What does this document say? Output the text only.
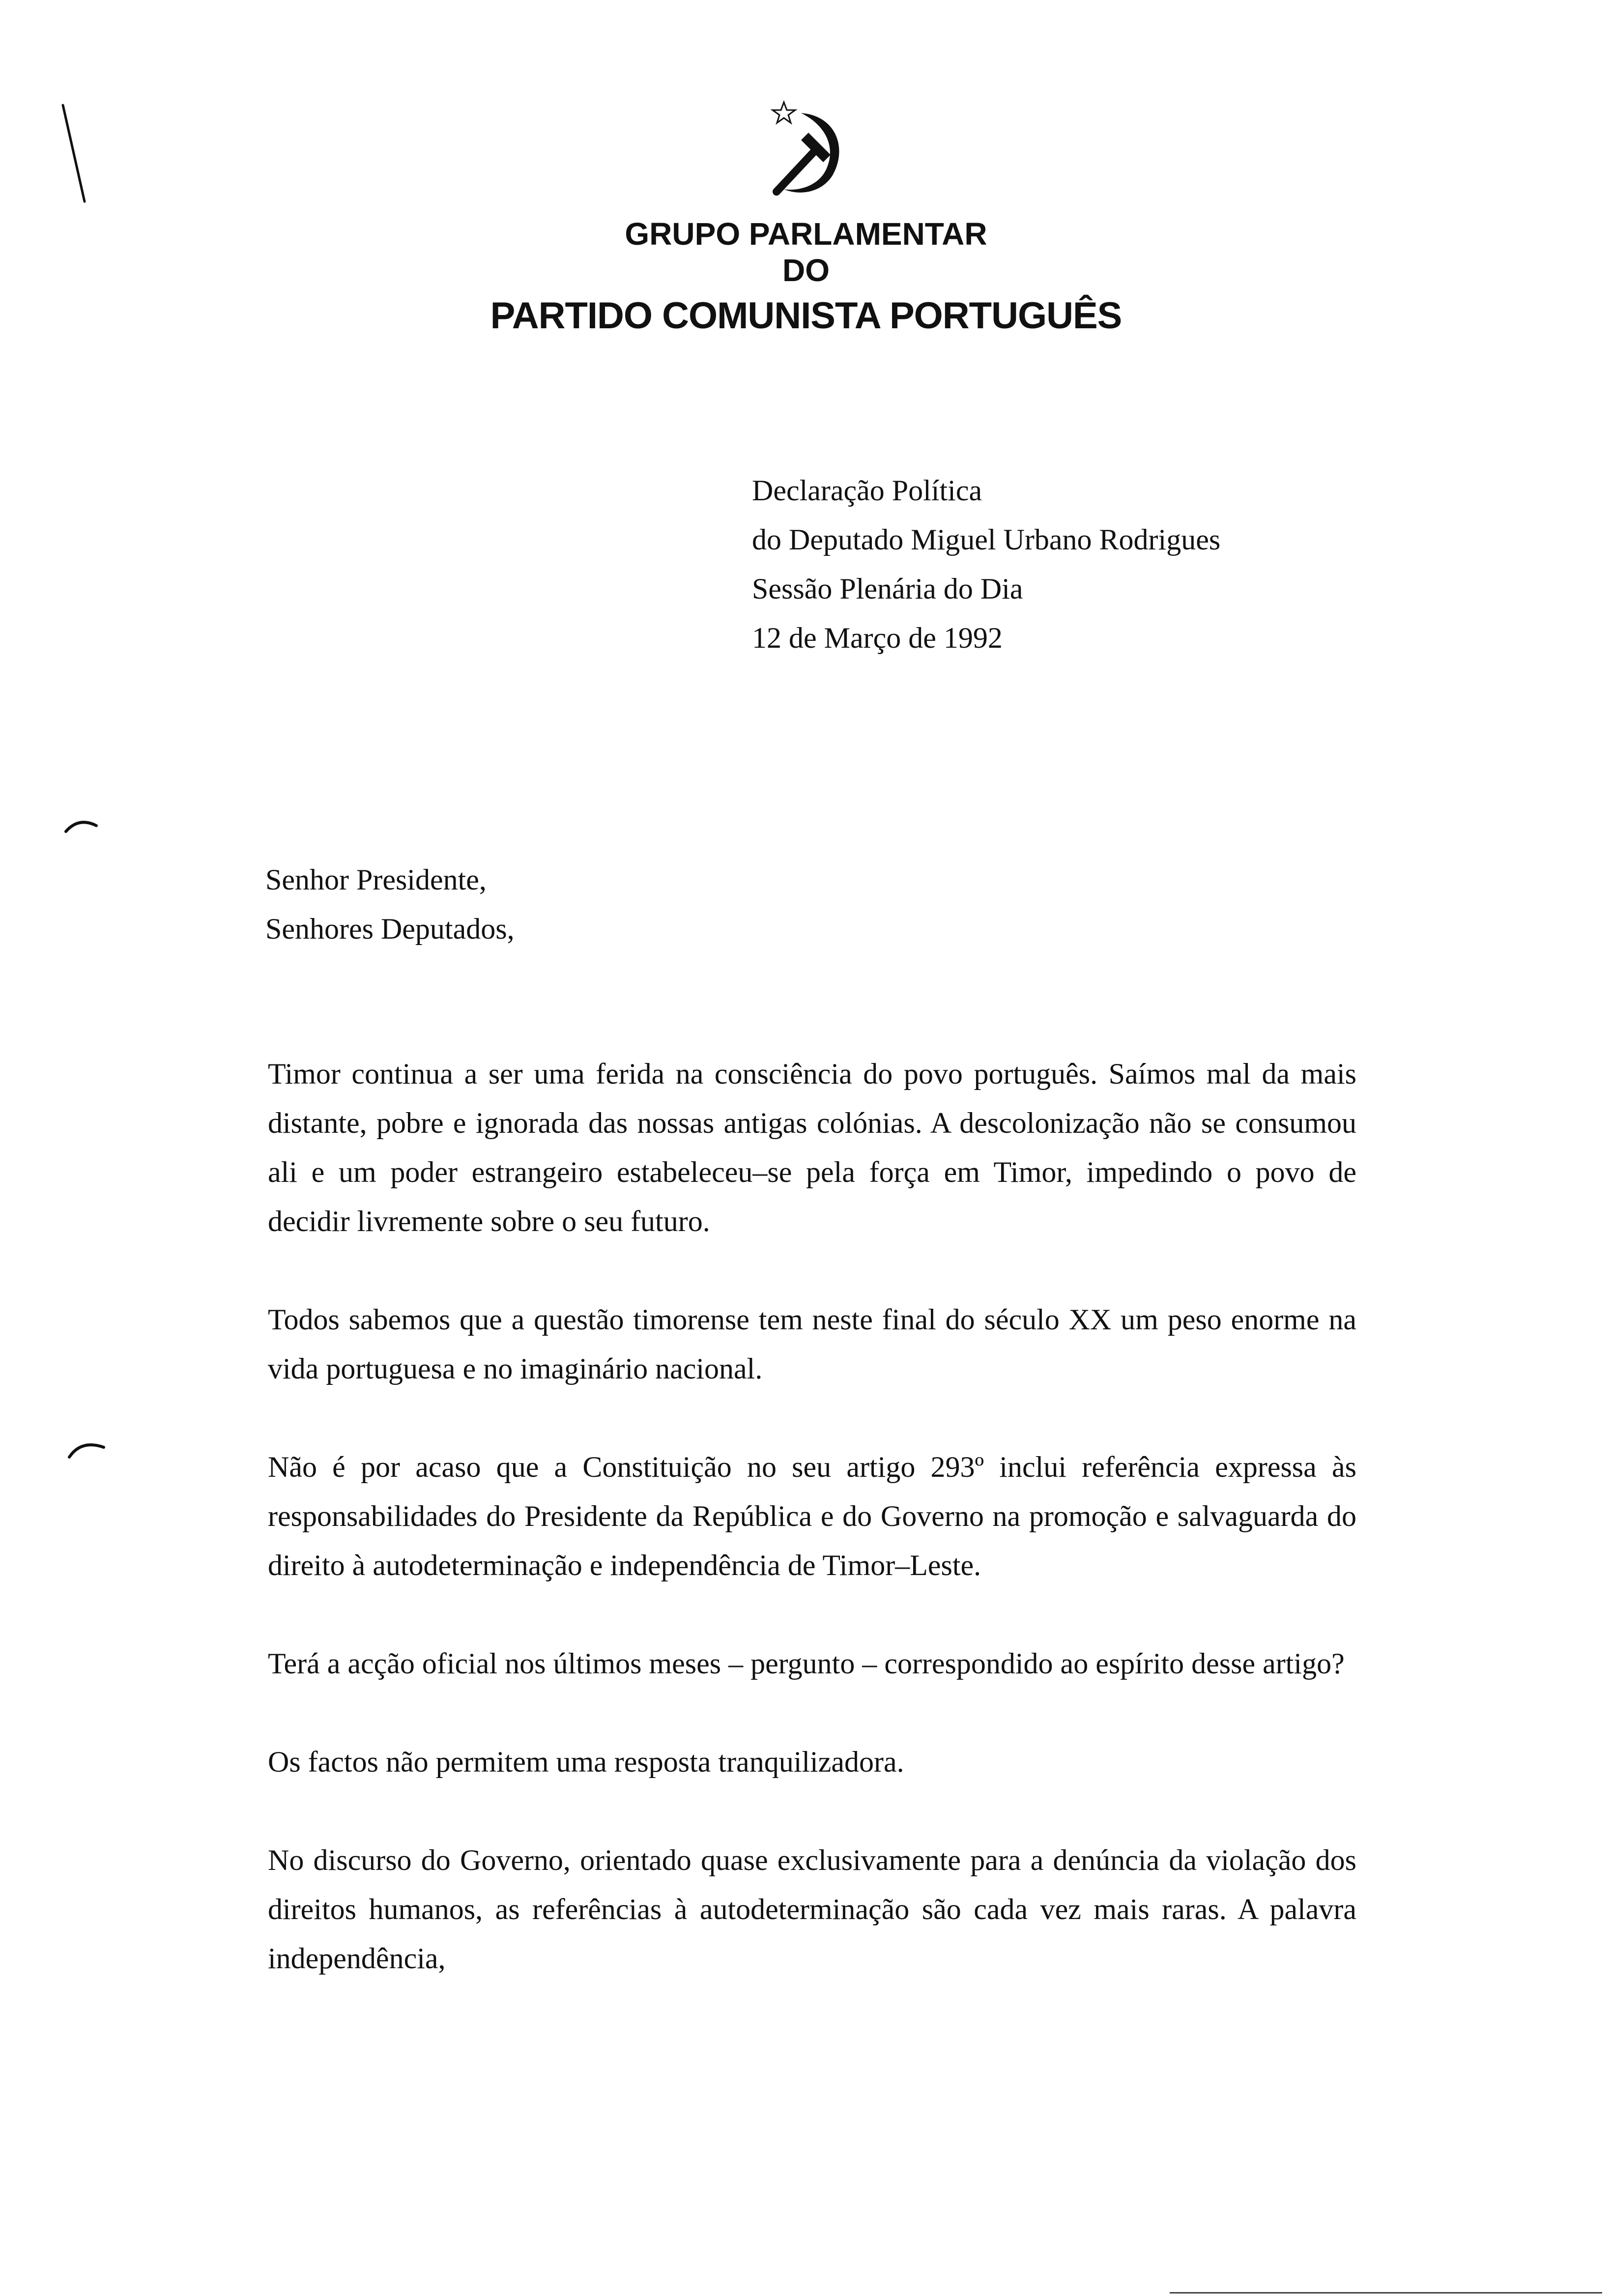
GRUPO PARLAMENTAR
DO
PARTIDO COMUNISTA PORTUGUÊS
Declaração Política
do Deputado Miguel Urbano Rodrigues
Sessão Plenária do Dia
12 de Março de 1992
Senhor Presidente,
Senhores Deputados,

Timor continua a ser uma ferida na consciência do povo português. Saímos mal da mais distante, pobre e ignorada das nossas antigas colónias. A descolonização não se consumou ali e um poder estrangeiro estabeleceu–se pela força em Timor, impedindo o povo de decidir livremente sobre o seu futuro.

Todos sabemos que a questão timorense tem neste final do século XX um peso enorme na vida portuguesa e no imaginário nacional.

Não é por acaso que a Constituição no seu artigo 293º inclui referência expressa às responsabilidades do Presidente da República e do Governo na promoção e salvaguarda do direito à autodeterminação e independência de Timor–Leste.

Terá a acção oficial nos últimos meses – pergunto – correspondido ao espírito desse artigo?

Os factos não permitem uma resposta tranquilizadora.

No discurso do Governo, orientado quase exclusivamente para a denúncia da violação dos direitos humanos, as referências à autodeterminação são cada vez mais raras. A palavra independência,
